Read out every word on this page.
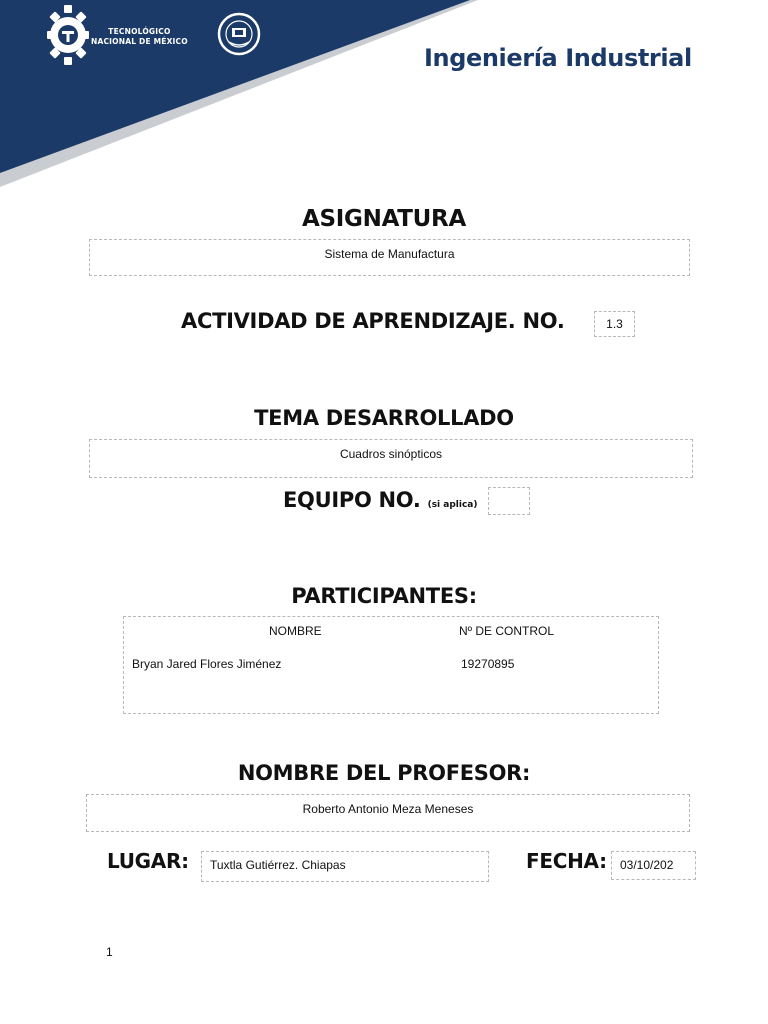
TECNOLÓGICO
NACIONAL DE MÉXICO
Ingeniería Industrial
ASIGNATURA
Sistema de Manufactura
ACTIVIDAD DE APRENDIZAJE. NO.	1.3
TEMA DESARROLLADO
Cuadros sinópticos
EQUIPO NO. (si aplica)
PARTICIPANTES:
NOMBRE	Nº DE CONTROL
Bryan Jared Flores Jiménez	19270895
NOMBRE DEL PROFESOR:
Roberto Antonio Meza Meneses
LUGAR:	Tuxtla Gutiérrez. Chiapas	FECHA:	03/10/202
1
